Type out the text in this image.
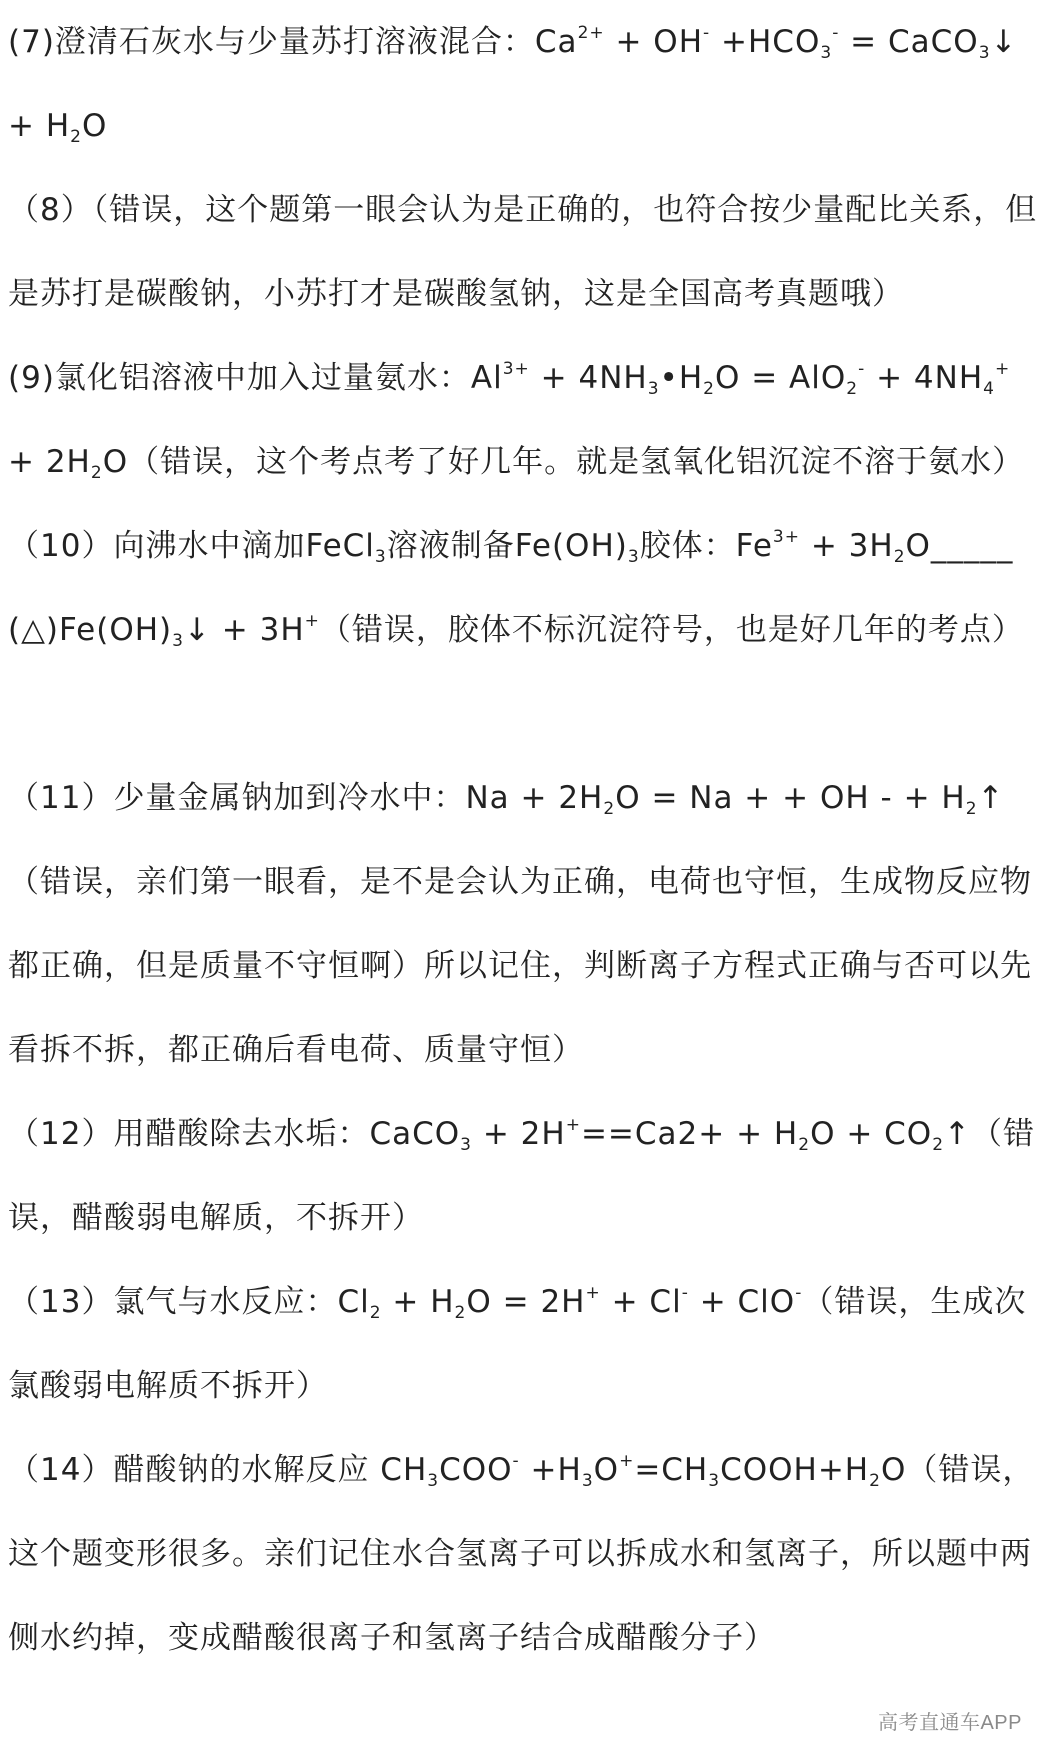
(7)澄清石灰水与少量苏打溶液混合：$Ca^{2+} + OH^- +HCO_3^-$ = CaCO$_3$↓ + $H_2O$

（8）（错误，这个题第一眼会认为是正确的，也符合按少量配比关系，但是苏打是碳酸钠，小苏打才是碳酸氢钠，这是全国高考真题哦）

(9)氯化铝溶液中加入过量氨水：$Al^{3+}$ + $4NH_3•H_2O = AlO_2^- + 4NH_4^+ + 2H_2O$（错误，这个考点考了好几年。就是氢氧化铝沉淀不溶于氨水）

（10）向沸水中滴加FeCl$_3$溶液制备$Fe(OH)_3$胶体：$Fe^{3+}$ + $3H_2O\_\_\_\_\_(\triangle)Fe(OH)_3↓ + 3H^+$（错误，胶体不标沉淀符号，也是好几年的考点）

（11）少量金属钠加到冷水中：$Na + 2H_2O = Na$ + + OH - + $H_2↑$（错误，亲们第一眼看，是不是会认为正确，电荷也守恒，生成物反应物都正确，但是质量不守恒啊）所以记住，判断离子方程式正确与否可以先看拆不拆，都正确后看电荷、质量守恒）

（12）用醋酸除去水垢：CaCO$_3$ + $2H^+==Ca2+ + H_2O$ + $CO_2↑$（错误，醋酸弱电解质，不拆开）

（13）氯气与水反应：$Cl_2 + H_2O = 2H^+ + Cl^- + ClO^-$（错误，生成次氯酸弱电解质不拆开）

（14）醋酸钠的水解反应 $CH_3COO^-$ $+H_3O^+=CH_3COOH+H_2O$（错误，这个题变形很多。亲们记住水合氢离子可以拆成水和氢离子，所以题中两侧水约掉，变成醋酸很离子和氢离子结合成醋酸分子）

高考直通车APP
